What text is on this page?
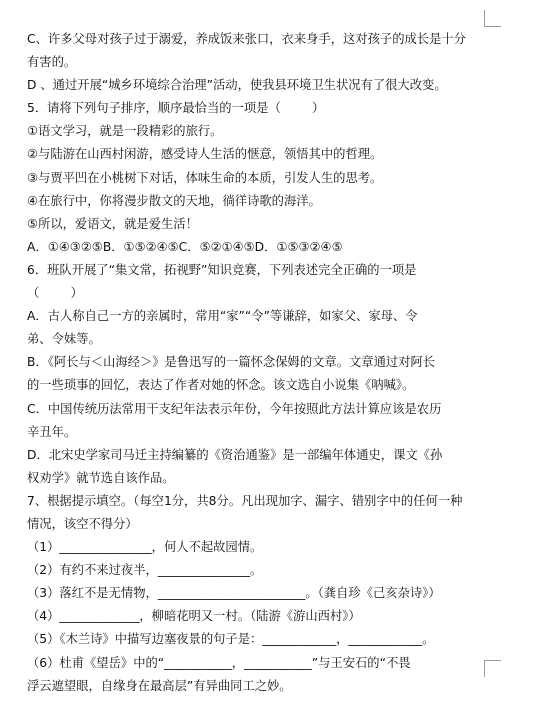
C、许多父母对孩子过于溺爱，养成饭来张口，衣来身手，这对孩子的成长是十分
有害的。
D 、通过开展“城乡环境综合治理”活动，使我县环境卫生状况有了很大改变。
5．请将下列句子排序，顺序最恰当的一项是（        ）
①语文学习，就是一段精彩的旅行。
②与陆游在山西村闲游，感受诗人生活的惬意，领悟其中的哲理。
③与贾平凹在小桃树下对话，体味生命的本质，引发人生的思考。
④在旅行中，你将漫步散文的天地，徜徉诗歌的海洋。
⑤所以，爱语文，就是爱生活！
A．①④③②⑤B．①⑤②④⑤C．⑤②①④⑤D．①⑤③②④⑤
6．班队开展了“集文常，拓视野”知识竞赛，下列表述完全正确的一项是
（        ）
A．古人称自己一方的亲属时，常用“家”“令”等谦辞，如家父、家母、令
弟、令妹等。
B．《阿长与＜山海经＞》是鲁迅写的一篇怀念保姆的文章。文章通过对阿长
的一些琐事的回忆，表达了作者对她的怀念。该文选自小说集《呐喊》。
C．中国传统历法常用干支纪年法表示年份，今年按照此方法计算应该是农历
辛丑年。
D．北宋史学家司马迁主持编纂的《资治通鉴》是一部编年体通史，课文《孙
权劝学》就节选自该作品。
7、根据提示填空。（每空1分，共8分。凡出现加字、漏字、错别字中的任何一种
情况，该空不得分）
（1）_______________，何人不起故园情。
（2）有约不来过夜半，_______________。
（3）落红不是无情物，________________________。（龚自珍《己亥杂诗》）
（4）_____________，柳暗花明又一村。（陆游《游山西村》）
（5）《木兰诗》中描写边塞夜景的句子是：____________，____________。
（6）杜甫《望岳》中的“___________，___________”与王安石的“不畏
浮云遮望眼，自缘身在最高层”有异曲同工之妙。
